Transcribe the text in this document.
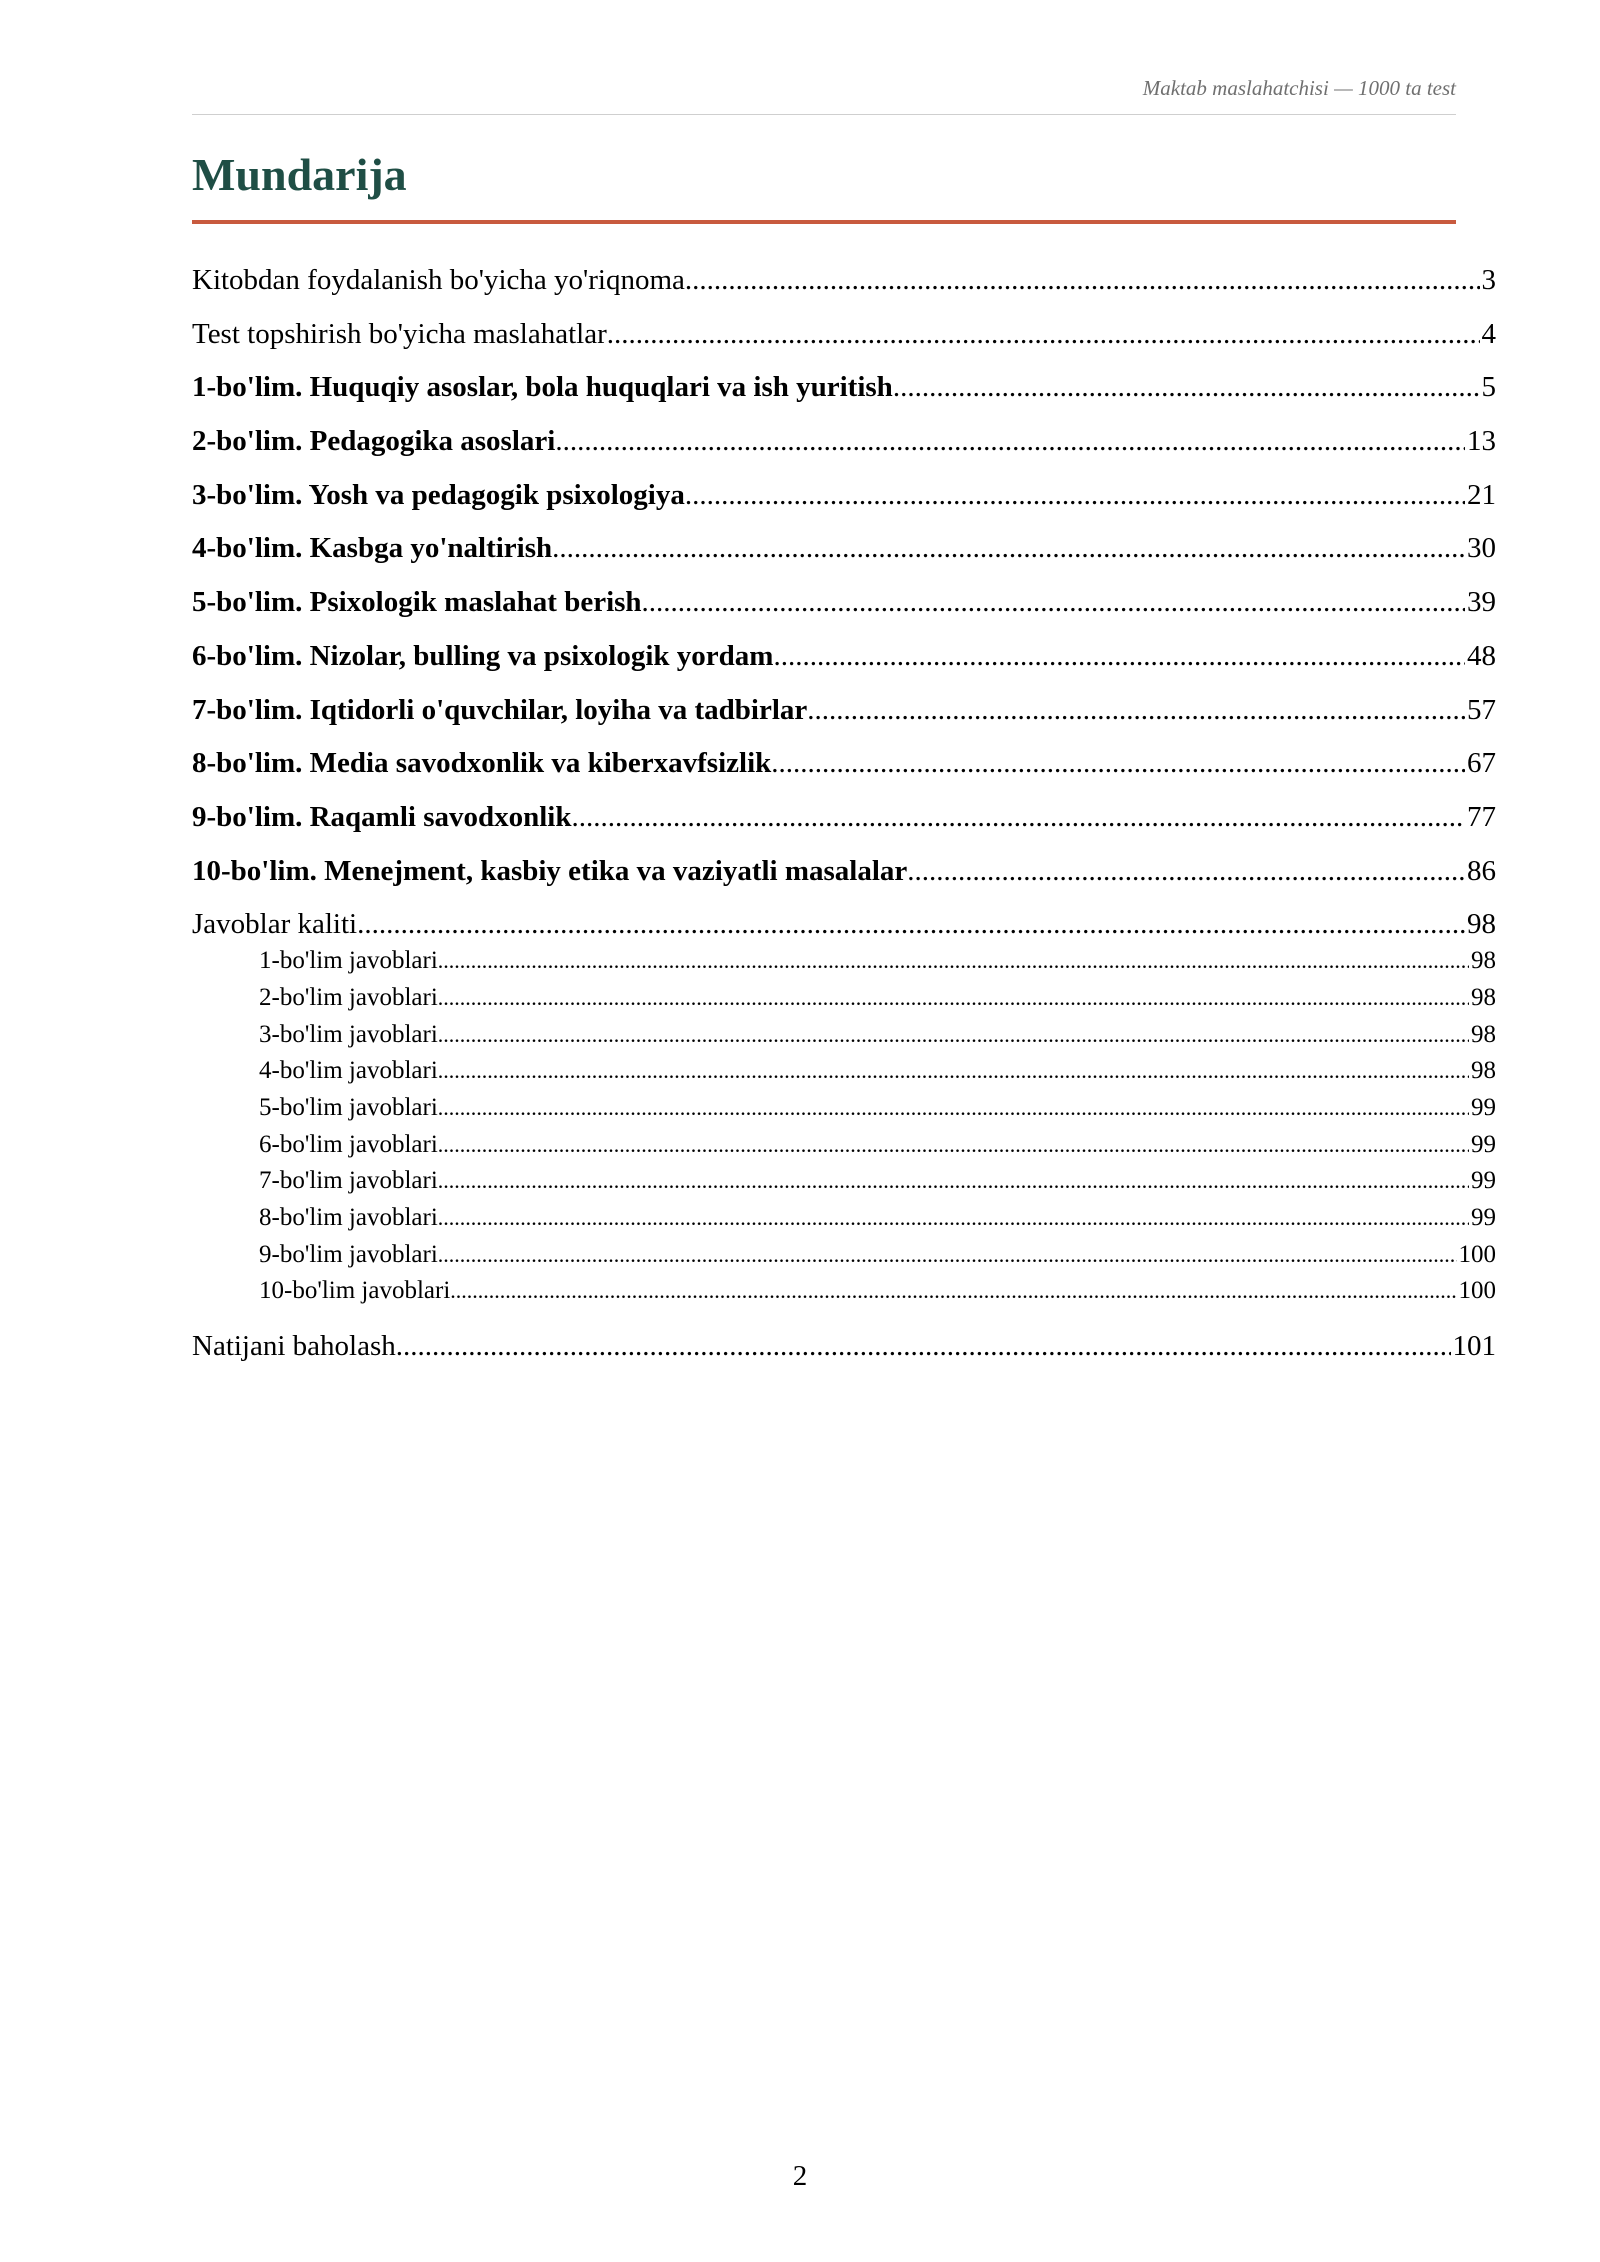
Maktab maslahatchisi — 1000 ta test
Mundarija
Kitobdan foydalanish bo'yicha yo'riqnoma .....	3
Test topshirish bo'yicha maslahatlar .....	4
1-bo'lim. Huquqiy asoslar, bola huquqlari va ish yuritish .....	5
2-bo'lim. Pedagogika asoslari .....	13
3-bo'lim. Yosh va pedagogik psixologiya .....	21
4-bo'lim. Kasbga yo'naltirish .....	30
5-bo'lim. Psixologik maslahat berish .....	39
6-bo'lim. Nizolar, bulling va psixologik yordam .....	48
7-bo'lim. Iqtidorli o'quvchilar, loyiha va tadbirlar .....	57
8-bo'lim. Media savodxonlik va kiberxavfsizlik .....	67
9-bo'lim. Raqamli savodxonlik .....	77
10-bo'lim. Menejment, kasbiy etika va vaziyatli masalalar .....	86
Javoblar kaliti .....	98
1-bo'lim javoblari .....	98
2-bo'lim javoblari .....	98
3-bo'lim javoblari .....	98
4-bo'lim javoblari .....	98
5-bo'lim javoblari .....	99
6-bo'lim javoblari .....	99
7-bo'lim javoblari .....	99
8-bo'lim javoblari .....	99
9-bo'lim javoblari .....	100
10-bo'lim javoblari .....	100
Natijani baholash .....	101
2
